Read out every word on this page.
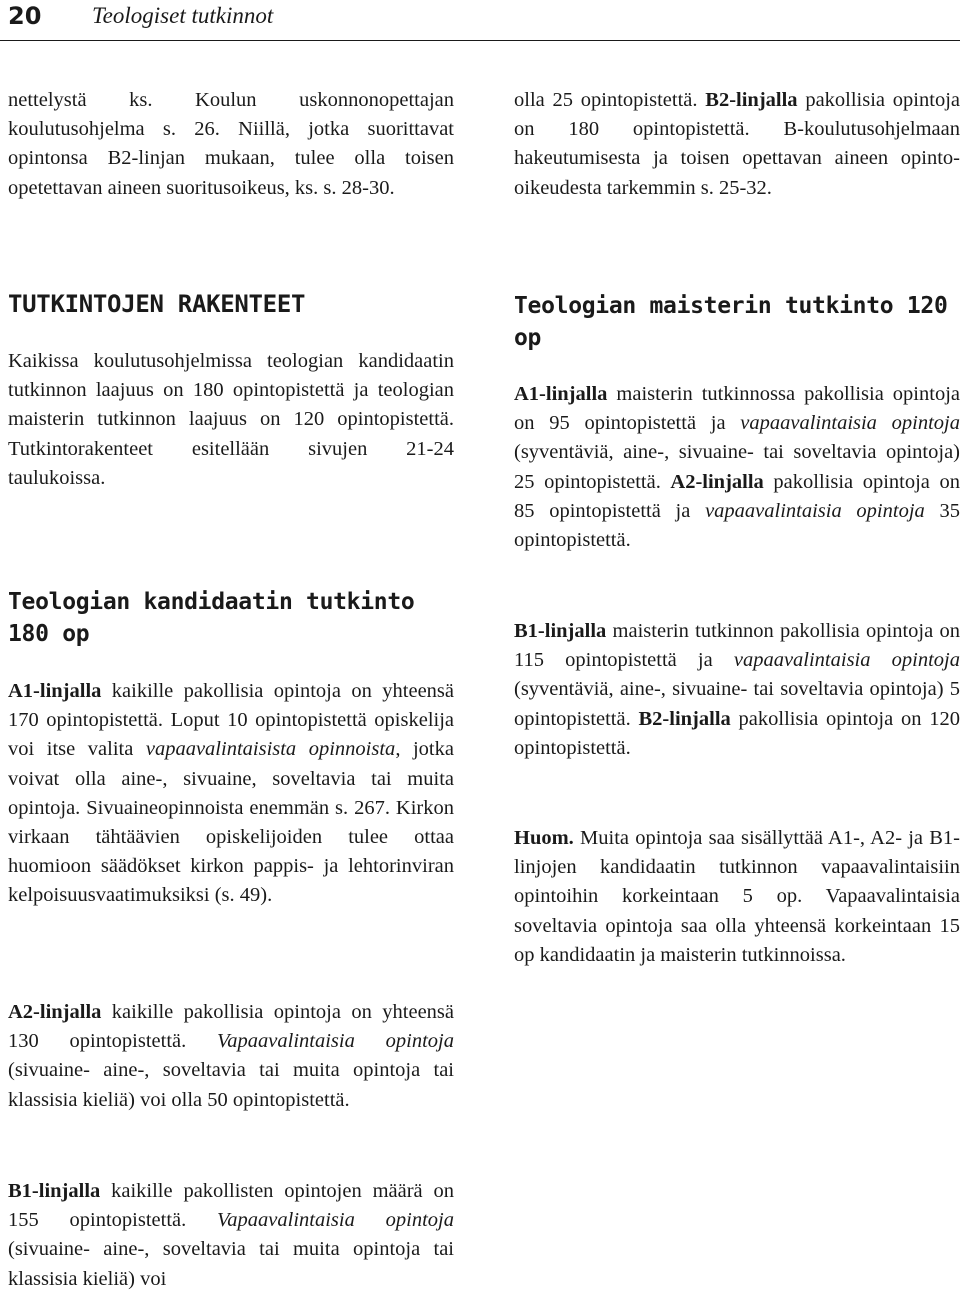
20 Teologiset tutkinnot

nettelystä ks. Koulun uskonnonopettajan koulutusohjelma s. 26. Niillä, jotka suorittavat opintonsa B2-linjan mukaan, tulee olla toisen opetettavan aineen suoritusoikeus, ks. s. 28-30.

TUTKINTOJEN RAKENTEET

Kaikissa koulutusohjelmissa teologian kandidaatin tutkinnon laajuus on 180 opintopistettä ja teologian maisterin tutkinnon laajuus on 120 opintopistettä. Tutkintorakenteet esitellään sivujen 21-24 taulukoissa.

Teologian kandidaatin tutkinto 180 op

A1-linjalla kaikille pakollisia opintoja on yhteensä 170 opintopistettä. Loput 10 opintopistettä opiskelija voi itse valita vapaavalintaisista opinnoista, jotka voivat olla aine-, sivuaine, soveltavia tai muita opintoja. Sivuaineopinnoista enemmän s. 267. Kirkon virkaan tähtäävien opiskelijoiden tulee ottaa huomioon säädökset kirkon pappis- ja lehtorinviran kelpoisuusvaatimuksiksi (s. 49).

A2-linjalla kaikille pakollisia opintoja on yhteensä 130 opintopistettä. Vapaavalintaisia opintoja (sivuaine- aine-, soveltavia tai muita opintoja tai klassisia kieliä) voi olla 50 opintopistettä.

B1-linjalla kaikille pakollisten opintojen määrä on 155 opintopistettä. Vapaavalintaisia opintoja (sivuaine- aine-, soveltavia tai muita opintoja tai klassisia kieliä) voi

olla 25 opintopistettä. B2-linjalla pakollisia opintoja on 180 opintopistettä. B-koulutusohjelmaan hakeutumisesta ja toisen opettavan aineen opinto-oikeudesta tarkemmin s. 25-32.

Teologian maisterin tutkinto 120 op

A1-linjalla maisterin tutkinnossa pakollisia opintoja on 95 opintopistettä ja vapaavalintaisia opintoja (syventäviä, aine-, sivuaine- tai soveltavia opintoja) 25 opintopistettä. A2-linjalla pakollisia opintoja on 85 opintopistettä ja vapaavalintaisia opintoja 35 opintopistettä.

B1-linjalla maisterin tutkinnon pakollisia opintoja on 115 opintopistettä ja vapaavalintaisia opintoja (syventäviä, aine-, sivuaine- tai soveltavia opintoja) 5 opintopistettä. B2-linjalla pakollisia opintoja on 120 opintopistettä.

Huom. Muita opintoja saa sisällyttää A1-, A2- ja B1-linjojen kandidaatin tutkinnon vapaavalintaisiin opintoihin korkeintaan 5 op. Vapaavalintaisia soveltavia opintoja saa olla yhteensä korkeintaan 15 op kandidaatin ja maisterin tutkinnoissa.
